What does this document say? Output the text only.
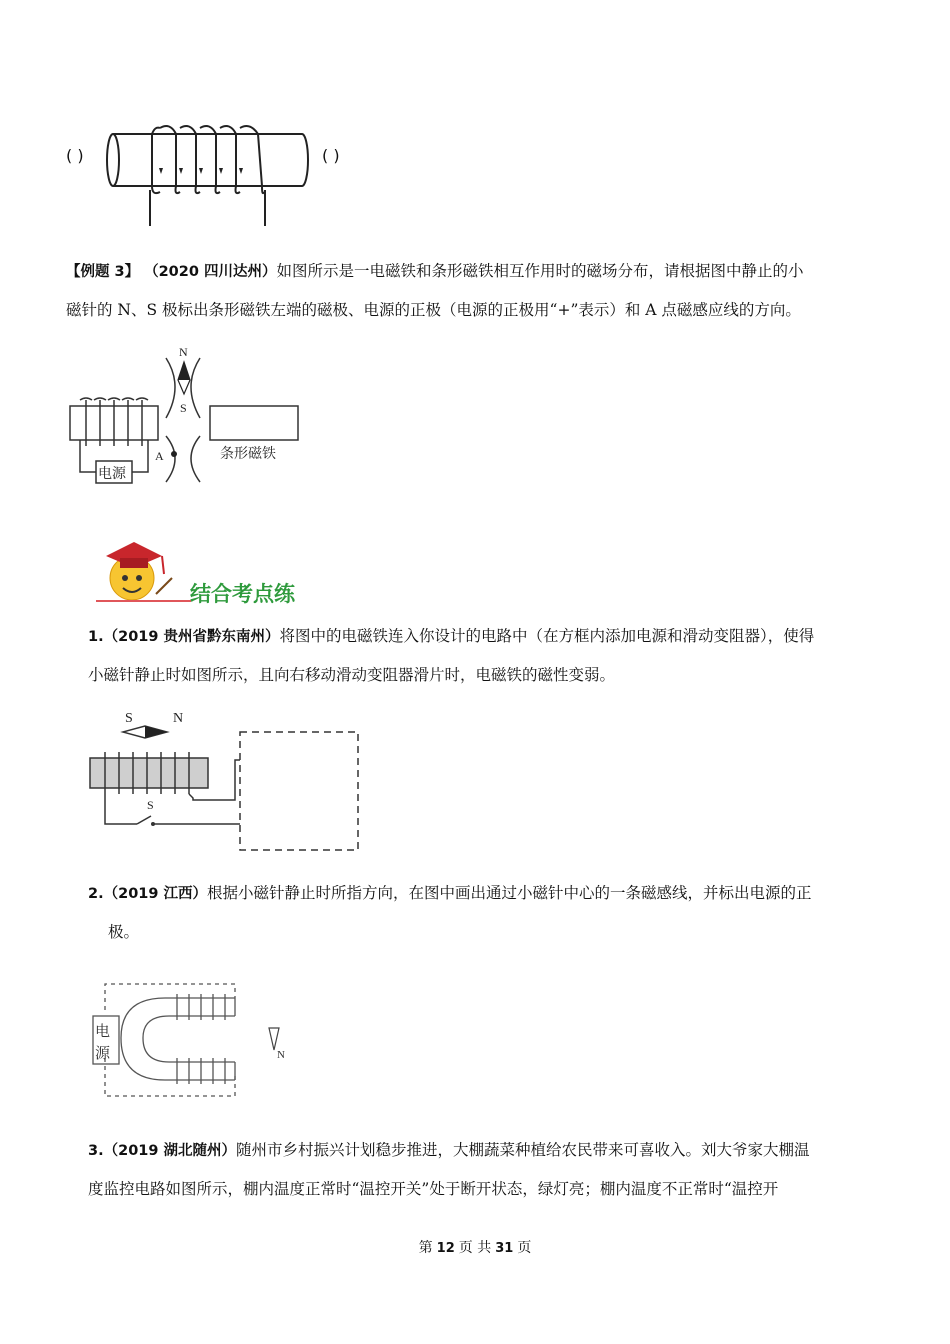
( )	( )
【例题 3】 （2020 四川达州）如图所示是一电磁铁和条形磁铁相互作用时的磁场分布，请根据图中静止的小
磁针的 N、S 极标出条形磁铁左端的磁极、电源的正极（电源的正极用“+”表示）和 A 点磁感应线的方向。
N
S
A
电源
条形磁铁
结合考点练
1.（2019 贵州省黔东南州）将图中的电磁铁连入你设计的电路中（在方框内添加电源和滑动变阻器），使得
小磁针静止时如图所示，且向右移动滑动变阻器滑片时，电磁铁的磁性变弱。
S	N
S
2.（2019 江西）根据小磁针静止时所指方向，在图中画出通过小磁针中心的一条磁感线，并标出电源的正
极。
电
源	N
3.（2019 湖北随州）随州市乡村振兴计划稳步推进，大棚蔬菜种植给农民带来可喜收入。刘大爷家大棚温
度监控电路如图所示，棚内温度正常时“温控开关”处于断开状态，绿灯亮；棚内温度不正常时“温控开
第 12 页 共 31 页
